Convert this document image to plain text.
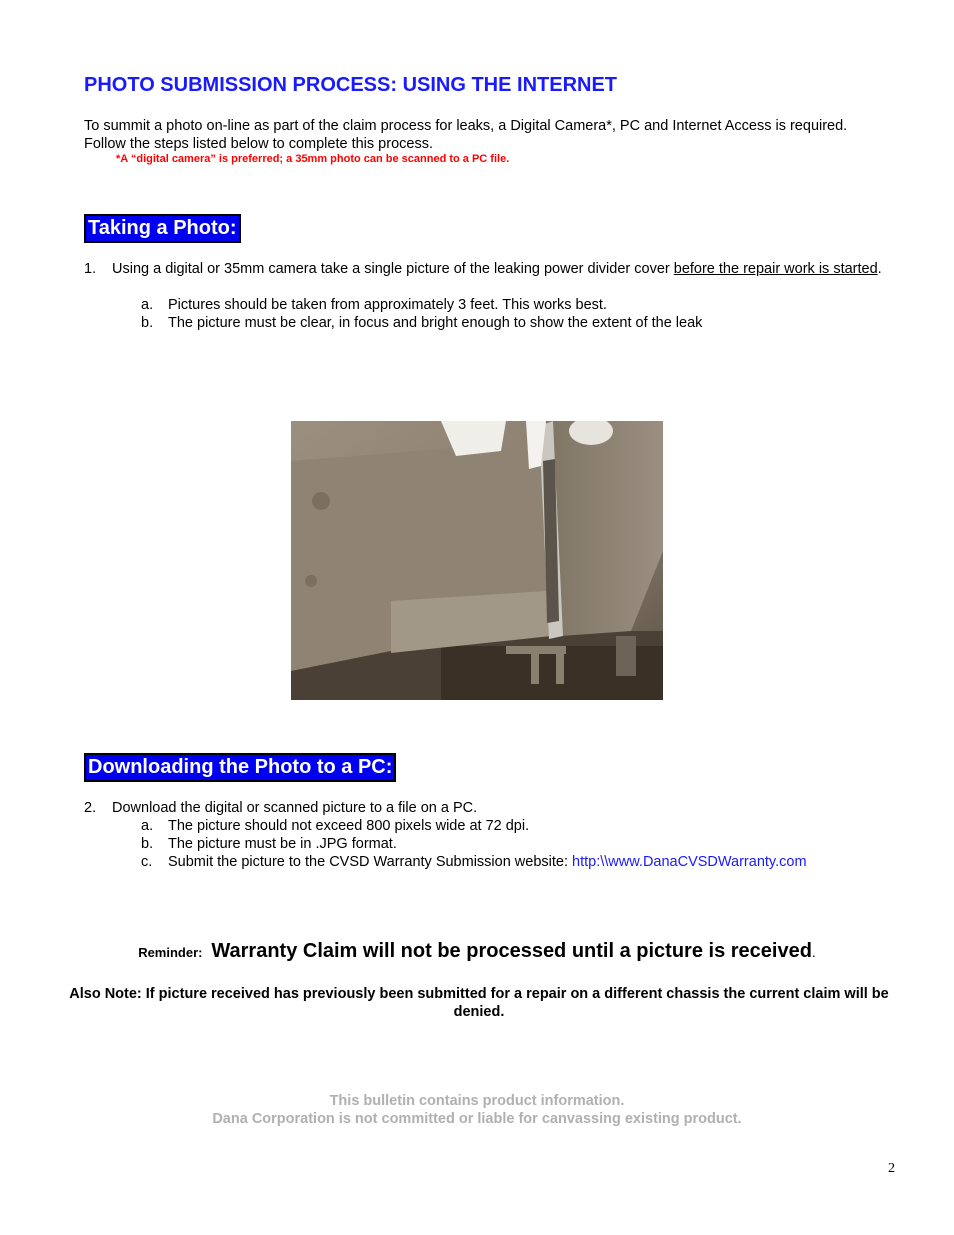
PHOTO SUBMISSION PROCESS: USING THE INTERNET
To summit a photo on-line as part of the claim process for leaks, a Digital Camera*, PC and Internet Access is required. Follow the steps listed below to complete this process.
*A “digital camera” is preferred; a 35mm photo can be scanned to a PC file.
Taking a Photo:
1. Using a digital or 35mm camera take a single picture of the leaking power divider cover before the repair work is started.
a. Pictures should be taken from approximately 3 feet. This works best.
b. The picture must be clear, in focus and bright enough to show the extent of the leak
Downloading the Photo to a PC:
2. Download the digital or scanned picture to a file on a PC.
a. The picture should not exceed 800 pixels wide at 72 dpi.
b. The picture must be in .JPG format.
c. Submit the picture to the CVSD Warranty Submission website: http:\\www.DanaCVSDWarranty.com
Reminder: Warranty Claim will not be processed until a picture is received.
Also Note: If picture received has previously been submitted for a repair on a different chassis the current claim will be denied.
This bulletin contains product information.
Dana Corporation is not committed or liable for canvassing existing product.
2
